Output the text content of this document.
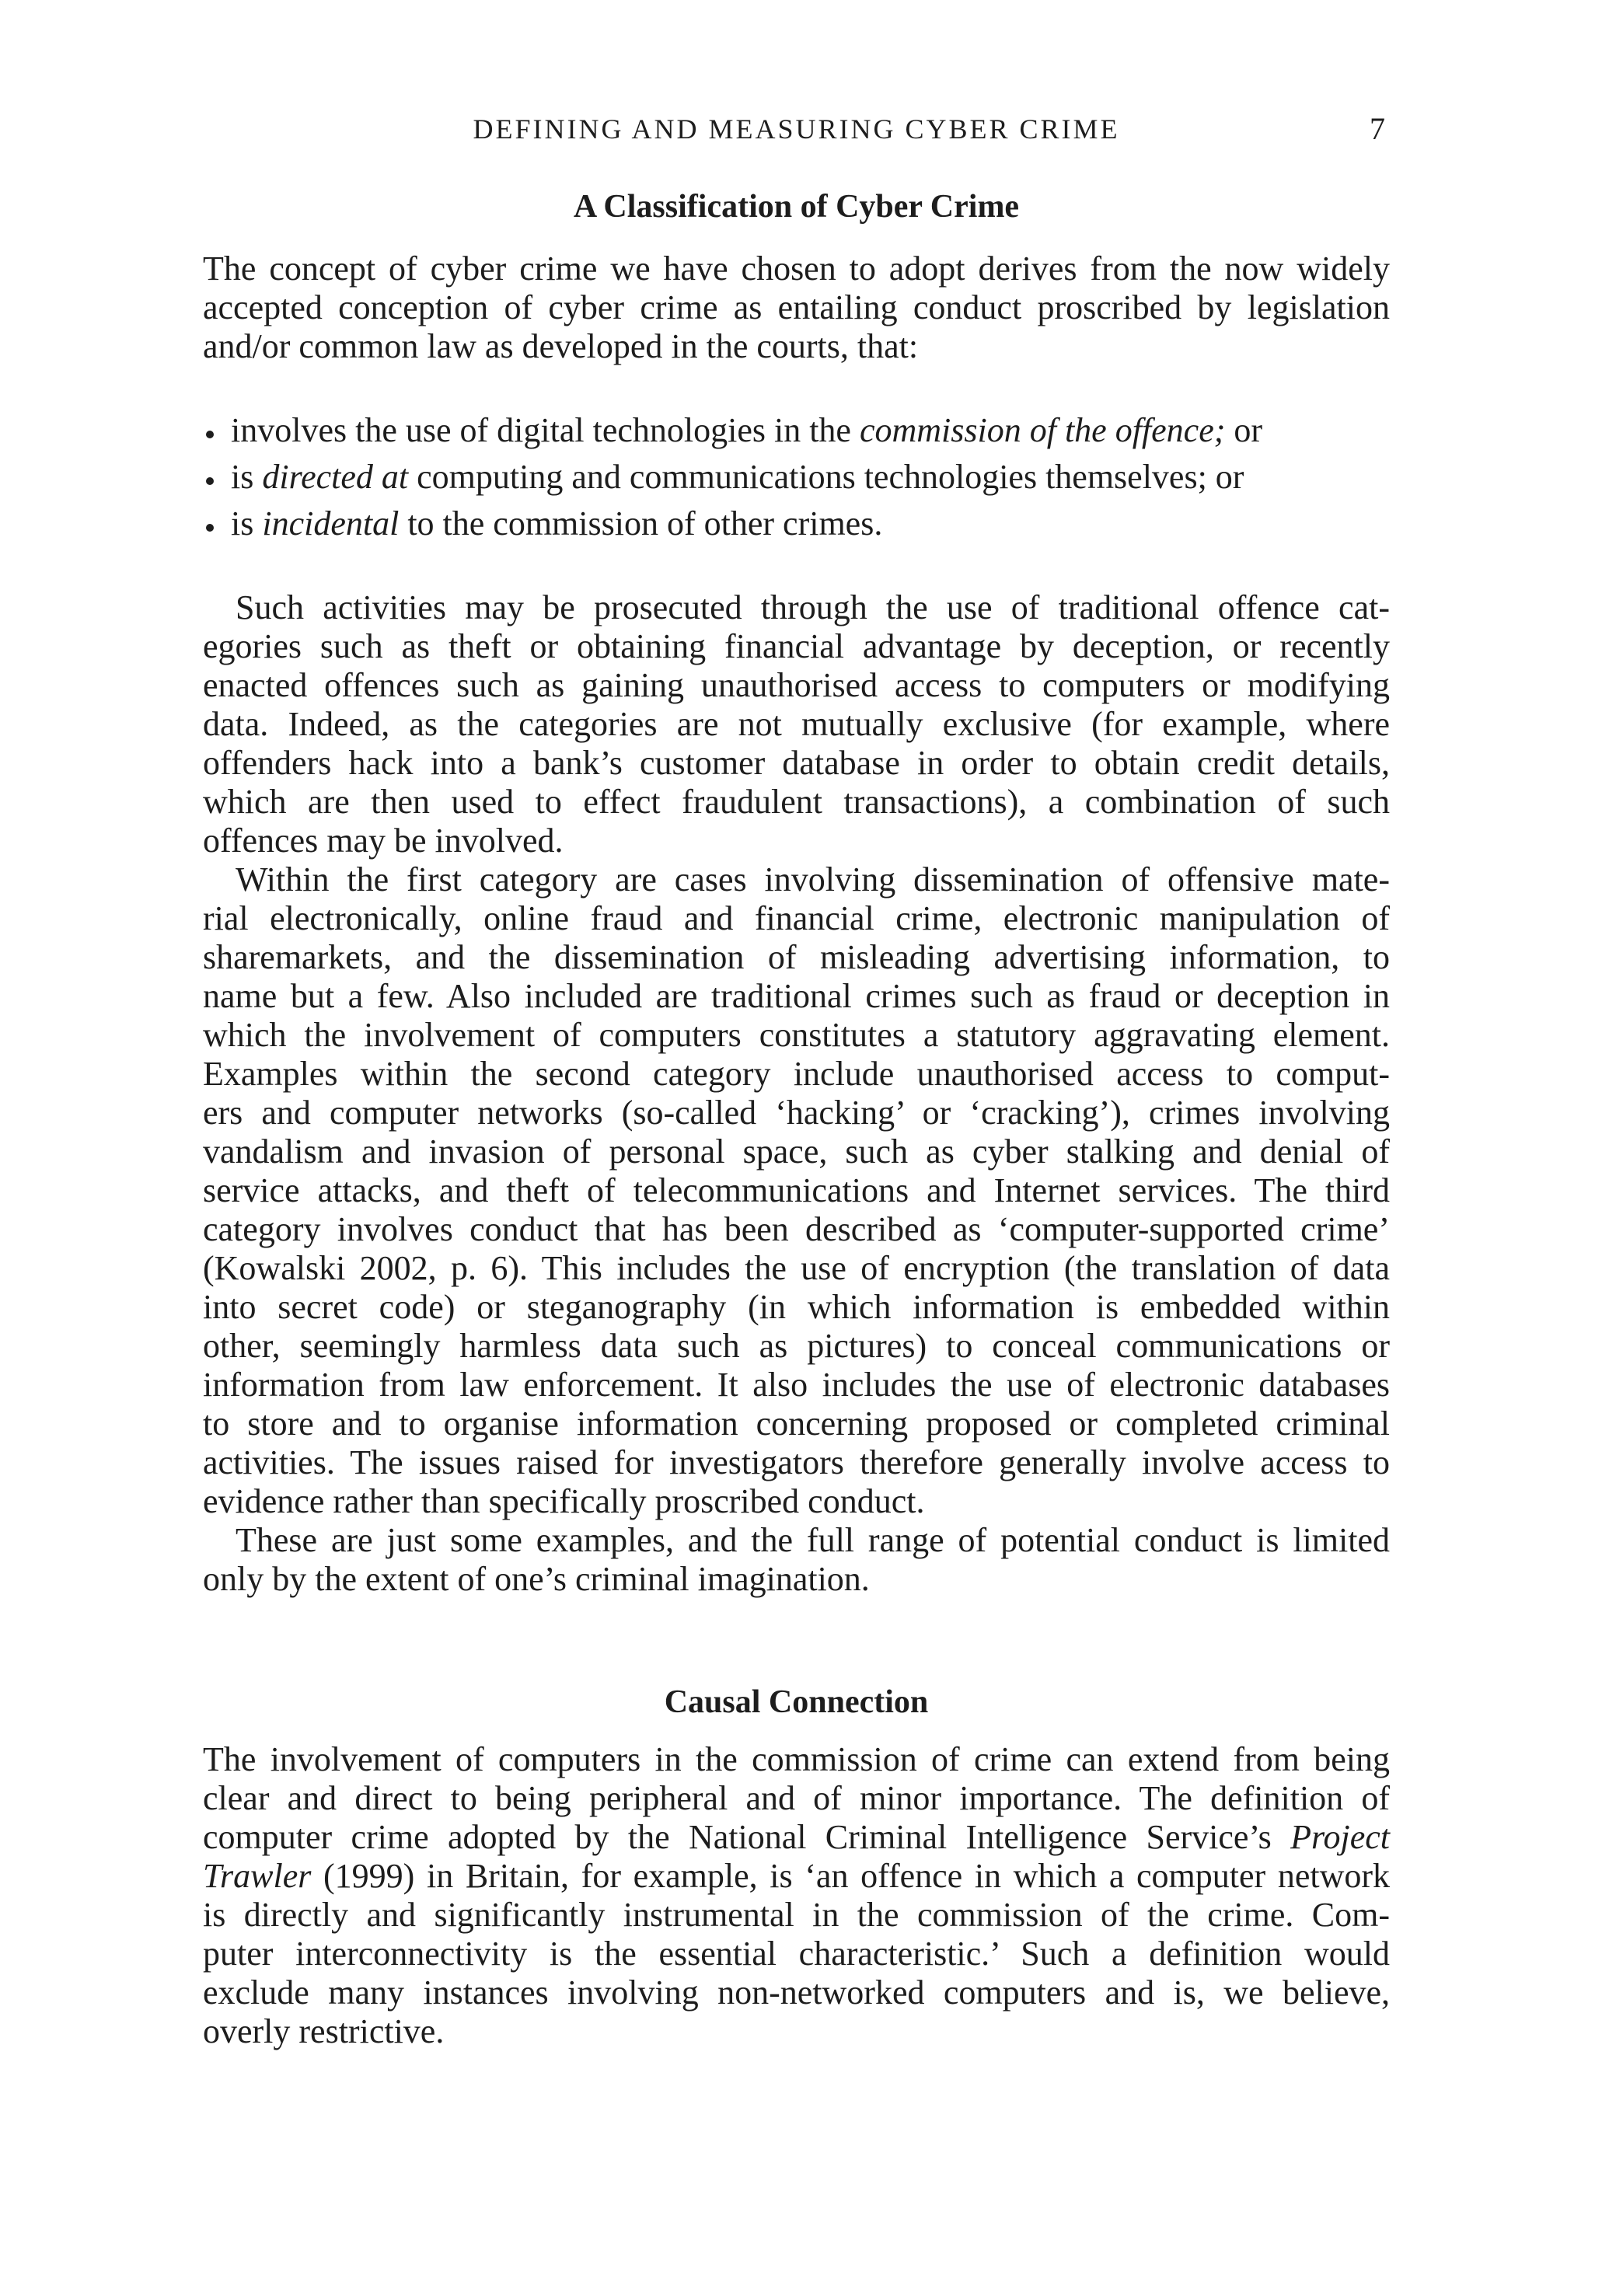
DEFINING AND MEASURING CYBER CRIME	7
A Classification of Cyber Crime
The concept of cyber crime we have chosen to adopt derives from the now widely
accepted conception of cyber crime as entailing conduct proscribed by legislation
and/or common law as developed in the courts, that:
involves the use of digital technologies in the commission of the offence; or
is directed at computing and communications technologies themselves; or
is incidental to the commission of other crimes.
Such activities may be prosecuted through the use of traditional offence cat-
egories such as theft or obtaining financial advantage by deception, or recently
enacted offences such as gaining unauthorised access to computers or modifying
data. Indeed, as the categories are not mutually exclusive (for example, where
offenders hack into a bank’s customer database in order to obtain credit details,
which are then used to effect fraudulent transactions), a combination of such
offences may be involved.
Within the first category are cases involving dissemination of offensive mate-
rial electronically, online fraud and financial crime, electronic manipulation of
sharemarkets, and the dissemination of misleading advertising information, to
name but a few. Also included are traditional crimes such as fraud or deception in
which the involvement of computers constitutes a statutory aggravating element.
Examples within the second category include unauthorised access to comput-
ers and computer networks (so-called ‘hacking’ or ‘cracking’), crimes involving
vandalism and invasion of personal space, such as cyber stalking and denial of
service attacks, and theft of telecommunications and Internet services. The third
category involves conduct that has been described as ‘computer-supported crime’
(Kowalski 2002, p. 6). This includes the use of encryption (the translation of data
into secret code) or steganography (in which information is embedded within
other, seemingly harmless data such as pictures) to conceal communications or
information from law enforcement. It also includes the use of electronic databases
to store and to organise information concerning proposed or completed criminal
activities. The issues raised for investigators therefore generally involve access to
evidence rather than specifically proscribed conduct.
These are just some examples, and the full range of potential conduct is limited
only by the extent of one’s criminal imagination.
Causal Connection
The involvement of computers in the commission of crime can extend from being
clear and direct to being peripheral and of minor importance. The definition of
computer crime adopted by the National Criminal Intelligence Service’s Project
Trawler (1999) in Britain, for example, is ‘an offence in which a computer network
is directly and significantly instrumental in the commission of the crime. Com-
puter interconnectivity is the essential characteristic.’ Such a definition would
exclude many instances involving non-networked computers and is, we believe,
overly restrictive.
